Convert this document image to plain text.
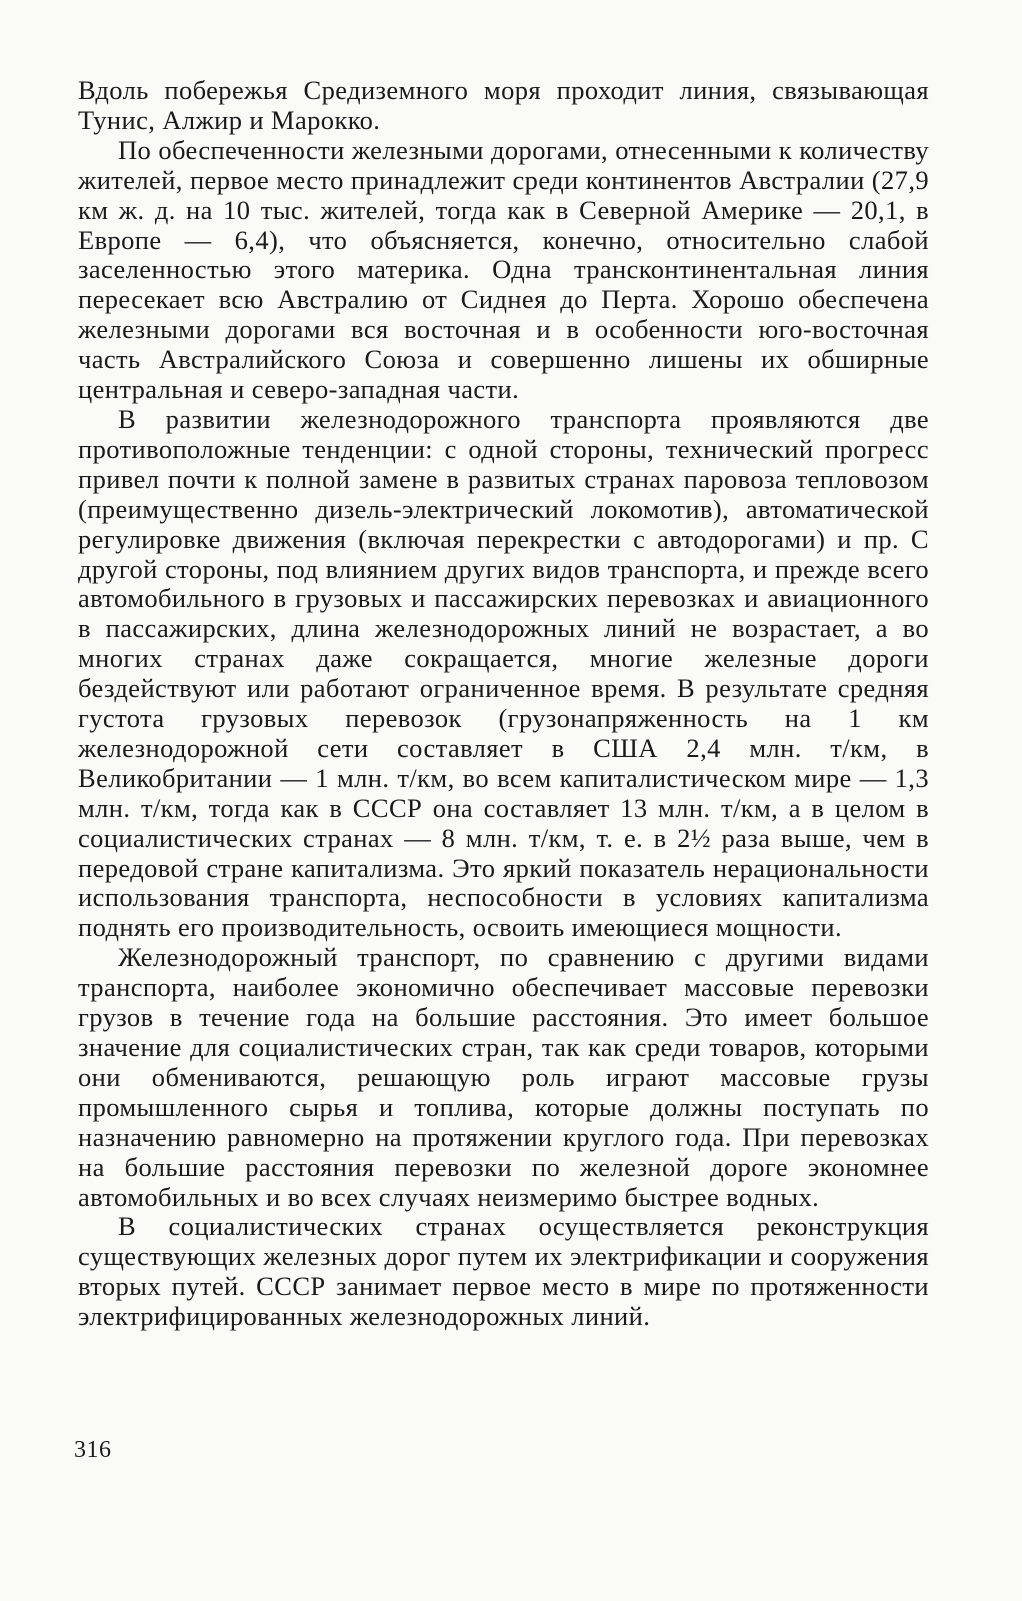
Вдоль побережья Средиземного моря проходит линия, связывающая Тунис, Алжир и Марокко.

По обеспеченности железными дорогами, отнесенными к количеству жителей, первое место принадлежит среди континентов Австралии (27,9 км ж. д. на 10 тыс. жителей, тогда как в Северной Америке — 20,1, в Европе — 6,4), что объясняется, конечно, относительно слабой заселенностью этого материка. Одна трансконтинентальная линия пересекает всю Австралию от Сиднея до Перта. Хорошо обеспечена железными дорогами вся восточная и в особенности юго-восточная часть Австралийского Союза и совершенно лишены их обширные центральная и северо-западная части.

В развитии железнодорожного транспорта проявляются две противоположные тенденции: с одной стороны, технический прогресс привел почти к полной замене в развитых странах паровоза тепловозом (преимущественно дизель-электрический локомотив), автоматической регулировке движения (включая перекрестки с автодорогами) и пр. С другой стороны, под влиянием других видов транспорта, и прежде всего автомобильного в грузовых и пассажирских перевозках и авиационного в пассажирских, длина железнодорожных линий не возрастает, а во многих странах даже сокращается, многие железные дороги бездействуют или работают ограниченное время. В результате средняя густота грузовых перевозок (грузонапряженность на 1 км железнодорожной сети составляет в США 2,4 млн. т/км, в Великобритании — 1 млн. т/км, во всем капиталистическом мире — 1,3 млн. т/км, тогда как в СССР она составляет 13 млн. т/км, а в целом в социалистических странах — 8 млн. т/км, т. е. в 2½ раза выше, чем в передовой стране капитализма. Это яркий показатель нерациональности использования транспорта, неспособности в условиях капитализма поднять его производительность, освоить имеющиеся мощности.

Железнодорожный транспорт, по сравнению с другими видами транспорта, наиболее экономично обеспечивает массовые перевозки грузов в течение года на большие расстояния. Это имеет большое значение для социалистических стран, так как среди товаров, которыми они обмениваются, решающую роль играют массовые грузы промышленного сырья и топлива, которые должны поступать по назначению равномерно на протяжении круглого года. При перевозках на большие расстояния перевозки по железной дороге экономнее автомобильных и во всех случаях неизмеримо быстрее водных.

В социалистических странах осуществляется реконструкция существующих железных дорог путем их электрификации и сооружения вторых путей. СССР занимает первое место в мире по протяженности электрифицированных железнодорожных линий.

316
